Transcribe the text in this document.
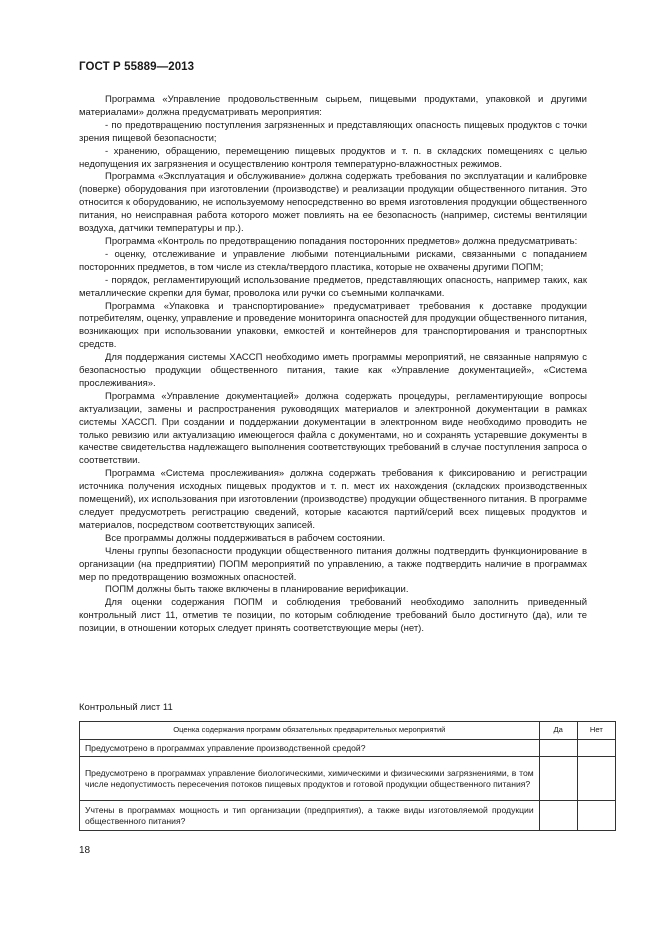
ГОСТ Р 55889—2013

Программа «Управление продовольственным сырьем, пищевыми продуктами, упаковкой и другими материалами» должна предусматривать мероприятия:

- по предотвращению поступления загрязненных и представляющих опасность пищевых продуктов с точки зрения пищевой безопасности;

- хранению, обращению, перемещению пищевых продуктов и т. п. в складских помещениях с целью недопущения их загрязнения и осуществлению контроля температурно-влажностных режимов.

Программа «Эксплуатация и обслуживание» должна содержать требования по эксплуатации и калибровке (поверке) оборудования при изготовлении (производстве) и реализации продукции общественного питания. Это относится к оборудованию, не используемому непосредственно во время изготовления продукции общественного питания, но неисправная работа которого может повлиять на ее безопасность (например, системы вентиляции воздуха, датчики температуры и пр.).

Программа «Контроль по предотвращению попадания посторонних предметов» должна предусматривать:

- оценку, отслеживание и управление любыми потенциальными рисками, связанными с попаданием посторонних предметов, в том числе из стекла/твердого пластика, которые не охвачены другими ПОПМ;

- порядок, регламентирующий использование предметов, представляющих опасность, например таких, как металлические скрепки для бумаг, проволока или ручки со съемными колпачками.

Программа «Упаковка и транспортирование» предусматривает требования к доставке продукции потребителям, оценку, управление и проведение мониторинга опасностей для продукции общественного питания, возникающих при использовании упаковки, емкостей и контейнеров для транспортирования и транспортных средств.

Для поддержания системы ХАССП необходимо иметь программы мероприятий, не связанные напрямую с безопасностью продукции общественного питания, такие как «Управление документацией», «Система прослеживания».

Программа «Управление документацией» должна содержать процедуры, регламентирующие вопросы актуализации, замены и распространения руководящих материалов и электронной документации в рамках системы ХАССП. При создании и поддержании документации в электронном виде необходимо проводить не только ревизию или актуализацию имеющегося файла с документами, но и сохранять устаревшие документы в качестве свидетельства надлежащего выполнения соответствующих требований в случае поступления запроса о соответствии.

Программа «Система прослеживания» должна содержать требования к фиксированию и регистрации источника получения исходных пищевых продуктов и т. п. мест их нахождения (складских производственных помещений), их использования при изготовлении (производстве) продукции общественного питания. В программе следует предусмотреть регистрацию сведений, которые касаются партий/серий всех пищевых продуктов и материалов, посредством соответствующих записей.

Все программы должны поддерживаться в рабочем состоянии.

Члены группы безопасности продукции общественного питания должны подтвердить функционирование в организации (на предприятии) ПОПМ мероприятий по управлению, а также подтвердить наличие в программах мер по предотвращению возможных опасностей.

ПОПМ должны быть также включены в планирование верификации.

Для оценки содержания ПОПМ и соблюдения требований необходимо заполнить приведенный контрольный лист 11, отметив те позиции, по которым соблюдение требований было достигнуто (да), или те позиции, в отношении которых следует принять соответствующие меры (нет).

Контрольный лист 11
Оценка содержания программ обязательных предварительных мероприятий	Да	Нет
Предусмотрено в программах управление производственной средой?		
Предусмотрено в программах управление биологическими, химическими и физическими загрязнениями, в том числе недопустимость пересечения потоков пищевых продуктов и готовой продукции общественного питания?		
Учтены в программах мощность и тип организации (предприятия), а также виды изготовляемой продукции общественного питания?		
18
